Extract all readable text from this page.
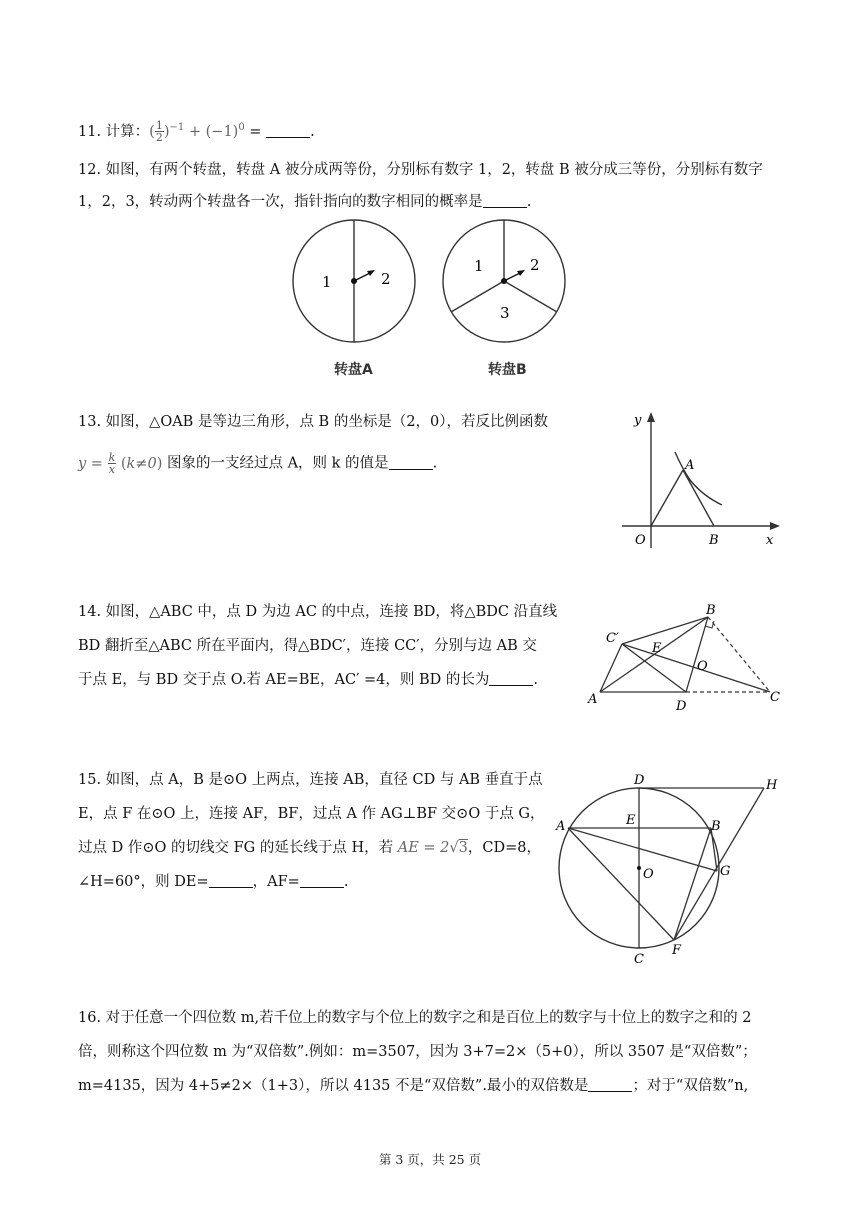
11. 计算：( $\frac{1}{2} )^{-1} + (-1)^0$ =	.
12. 如图，有两个转盘，转盘 A 被分成两等份，分别标有数字 1，2，转盘 B 被分成三等份，分别标有数字
1，2，3，转动两个转盘各一次，指针指向的数字相同的概率是	.
1	2
1	2
3
转盘A	转盘B
13. 如图，△OAB 是等边三角形，点 B 的坐标是（2，0），若反比例函数
$y = \frac{k}{x} (k\ne 0)$ 图象的一支经过点 A，则 k 的值是	.
y
x
O
A
B
14. 如图，△ABC 中，点 D 为边 AC 的中点，连接 BD，将△BDC 沿直线
BD 翻折至△ABC 所在平面内，得△BDC′，连接 CC′，分别与边 AB 交
于点 E，与 BD 交于点 O.若 AE=BE，AC′ =4，则 BD 的长为	.
B
C′
E
O
A	D
C
15. 如图，点 A，B 是⊙O 上两点，连接 AB，直径 CD 与 AB 垂直于点
E，点 F 在⊙O 上，连接 AF，BF，过点 A 作 AG⊥BF 交⊙O 于点 G，
过点 D 作⊙O 的切线交 FG 的延长线于点 H，若 AE = 2√3，CD=8，
∠H=60°，则 DE=	，AF=	.
D	H
E
A	B
G
O
F
C
16. 对于任意一个四位数 m,若千位上的数字与个位上的数字之和是百位上的数字与十位上的数字之和的 2
倍，则称这个四位数 m 为“双倍数”.例如：m=3507，因为 3+7=2×（5+0），所以 3507 是“双倍数”；
m=4135，因为 4+5≠2×（1+3），所以 4135 不是“双倍数”.最小的双倍数是	；对于“双倍数”n,
第 3 页，共 25 页
